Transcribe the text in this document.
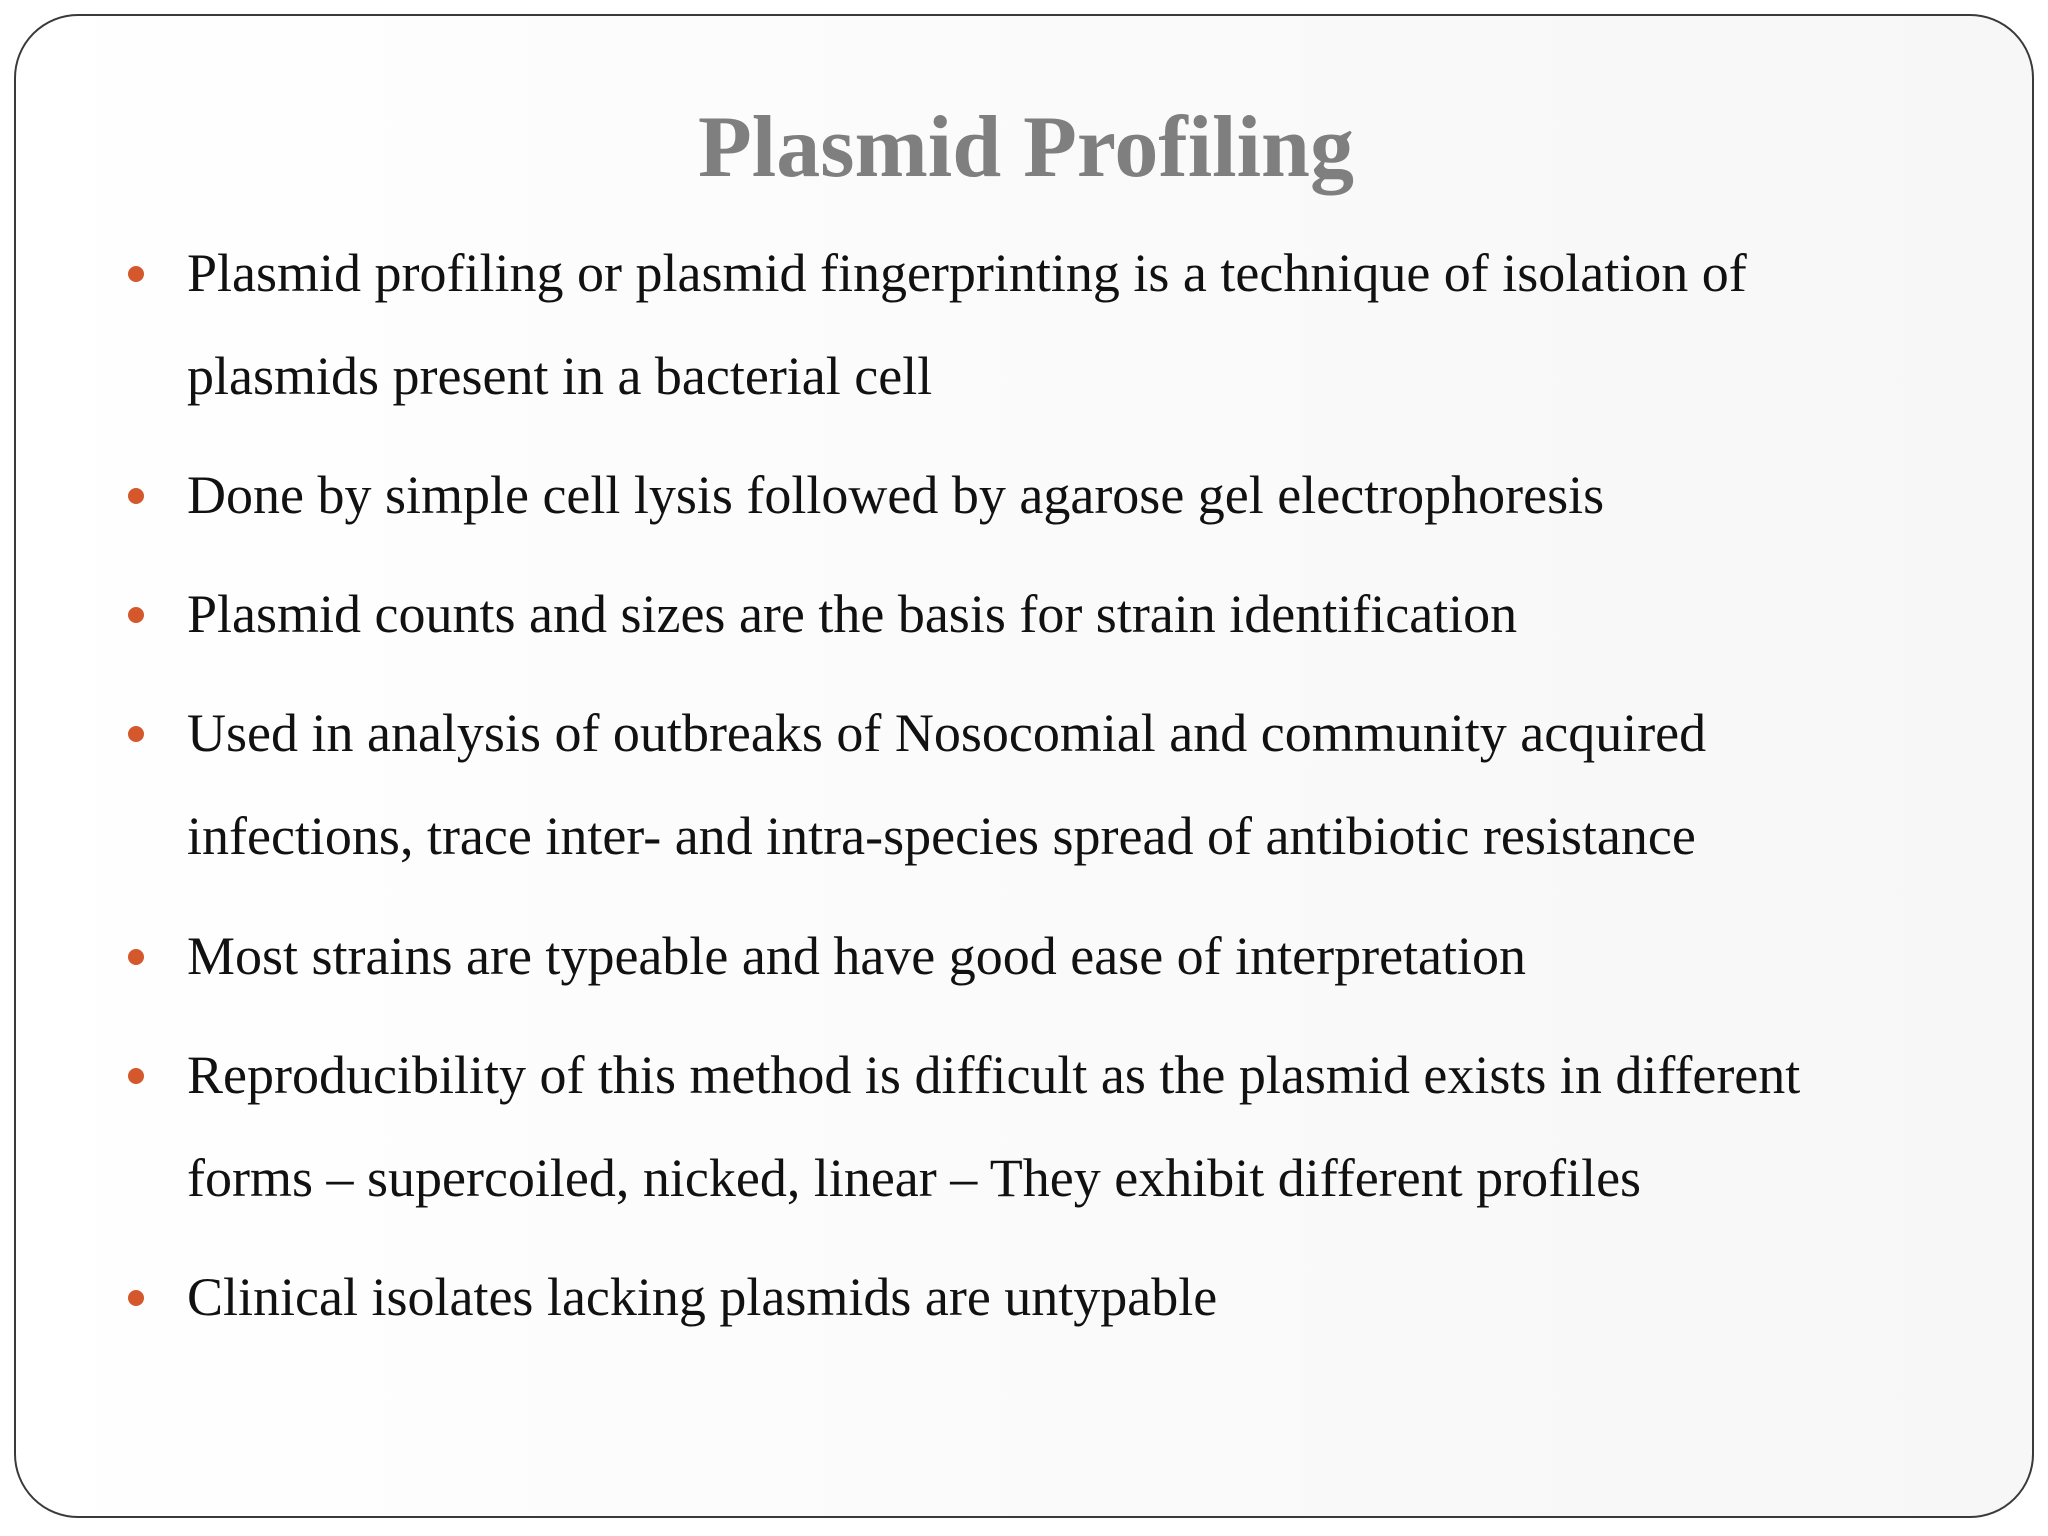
Plasmid Profiling
Plasmid profiling or plasmid fingerprinting is a technique of isolation of
plasmids present in a bacterial cell
Done by simple cell lysis followed by agarose gel electrophoresis
Plasmid counts and sizes are the basis for strain identification
Used in analysis of outbreaks of Nosocomial and community acquired
infections, trace inter- and intra-species spread of antibiotic resistance
Most strains are typeable and have good ease of interpretation
Reproducibility of this method is difficult as the plasmid exists in different
forms – supercoiled, nicked, linear – They exhibit different profiles
Clinical isolates lacking plasmids are untypable
